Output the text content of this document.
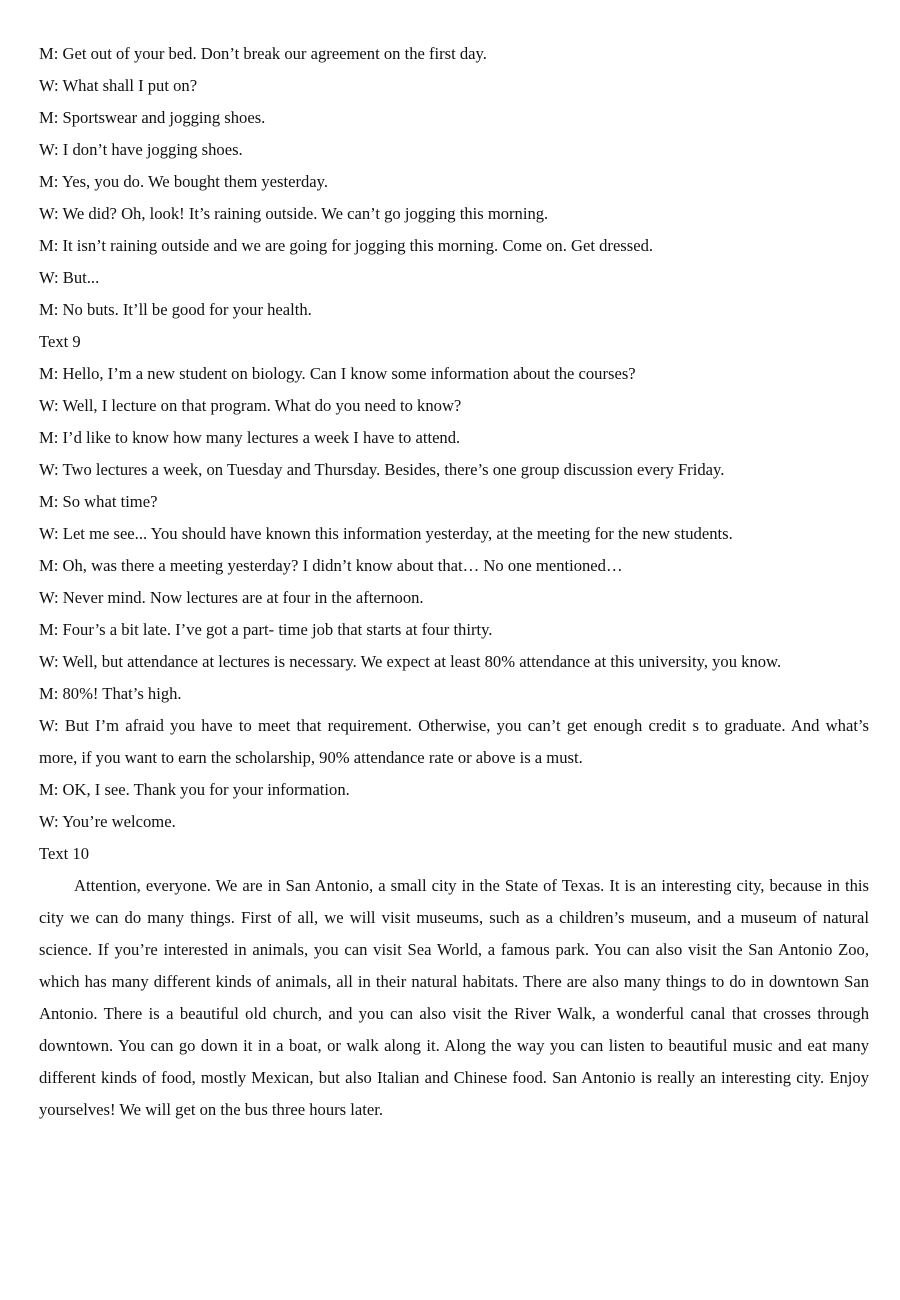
M: Get out of your bed. Don’t break our agreement on the first day.

W: What shall I put on?

M: Sportswear and jogging shoes.

W: I don’t have jogging shoes.

M: Yes, you do. We bought them yesterday.

W: We did? Oh, look! It’s raining outside. We can’t go jogging this morning.

M: It isn’t raining outside and we are going for jogging this morning. Come on. Get dressed.

W: But...

M: No buts. It’ll be good for your health.

Text 9

M: Hello, I’m a new student on biology. Can I know some information about the courses?

W: Well, I lecture on that program. What do you need to know?

M: I’d like to know how many lectures a week I have to attend.

W: Two lectures a week, on Tuesday and Thursday. Besides, there’s one group discussion every Friday.

M: So what time?

W: Let me see... You should have known this information yesterday, at the meeting for the new students.

M: Oh, was there a meeting yesterday? I didn’t know about that… No one mentioned…

W: Never mind. Now lectures are at four in the afternoon.

M: Four’s a bit late. I’ve got a part- time job that starts at four thirty.

W: Well, but attendance at lectures is necessary. We expect at least 80% attendance at this university, you know.

M: 80%! That’s high.

W: But I’m afraid you have to meet that requirement. Otherwise, you can’t get enough credit s to graduate. And what’s more, if you want to earn the scholarship, 90% attendance rate or above is a must.

M: OK, I see. Thank you for your information.

W: You’re welcome.

Text 10

Attention, everyone. We are in San Antonio, a small city in the State of Texas. It is an interesting city, because in this city we can do many things. First of all, we will visit museums, such as a children’s museum, and a museum of natural science. If you’re interested in animals, you can visit Sea World, a famous park. You can also visit the San Antonio Zoo, which has many different kinds of animals, all in their natural habitats. There are also many things to do in downtown San Antonio. There is a beautiful old church, and you can also visit the River Walk, a wonderful canal that crosses through downtown. You can go down it in a boat, or walk along it. Along the way you can listen to beautiful music and eat many different kinds of food, mostly Mexican, but also Italian and Chinese food. San Antonio is really an interesting city. Enjoy yourselves! We will get on the bus three hours later.
